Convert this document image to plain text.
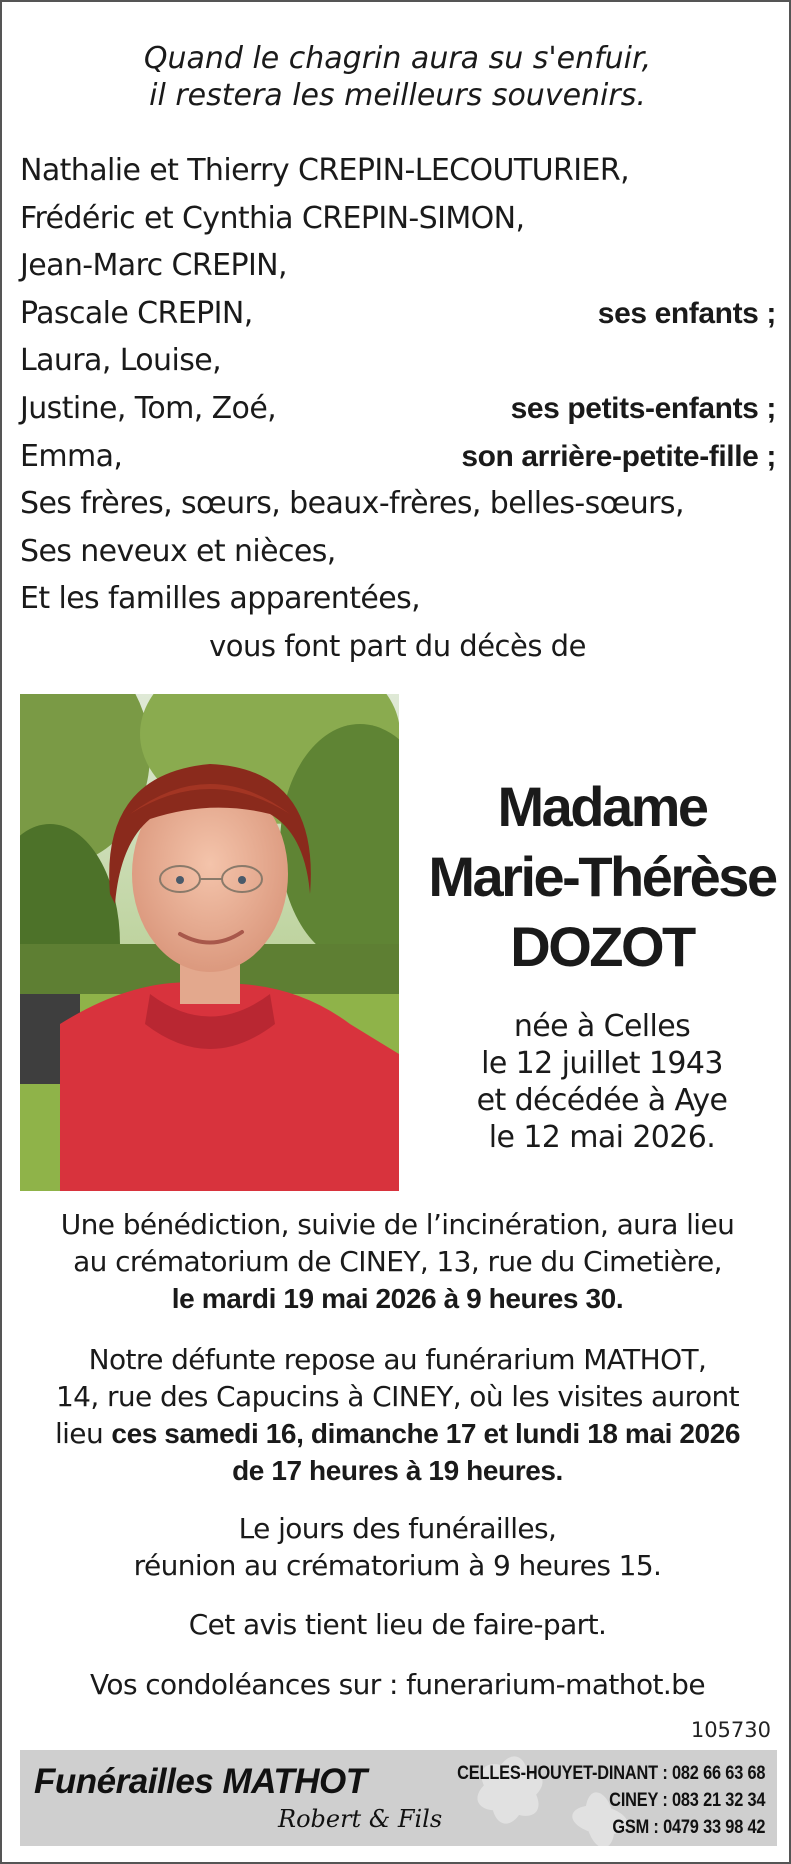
Quand le chagrin aura su s'enfuir,
il restera les meilleurs souvenirs.
Nathalie et Thierry CREPIN-LECOUTURIER,
Frédéric et Cynthia CREPIN-SIMON,
Jean-Marc CREPIN,
Pascale CREPIN,	ses enfants ;
Laura, Louise,
Justine, Tom, Zoé,	ses petits-enfants ;
Emma,	son arrière-petite-fille ;
Ses frères, sœurs, beaux-frères, belles-sœurs,
Ses neveux et nièces,
Et les familles apparentées,
vous font part du décès de
Madame
Marie-Thérèse
DOZOT
née à Celles
le 12 juillet 1943
et décédée à Aye
le 12 mai 2026.
Une bénédiction, suivie de l’incinération, aura lieu
au crématorium de CINEY, 13, rue du Cimetière,
le mardi 19 mai 2026 à 9 heures 30.
Notre défunte repose au funérarium MATHOT,
14, rue des Capucins à CINEY, où les visites auront
lieu ces samedi 16, dimanche 17 et lundi 18 mai 2026
de 17 heures à 19 heures.
Le jours des funérailles,
réunion au crématorium à 9 heures 15.
Cet avis tient lieu de faire-part.
Vos condoléances sur : funerarium-mathot.be
105730
Funérailles MATHOT
Robert & Fils
CELLES-HOUYET-DINANT : 082 66 63 68
CINEY : 083 21 32 34
GSM : 0479 33 98 42
